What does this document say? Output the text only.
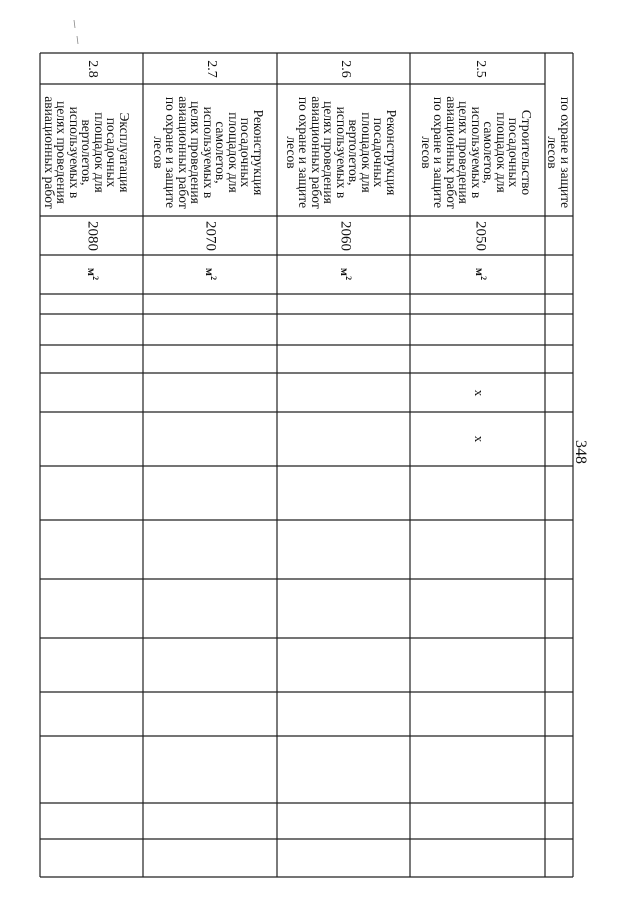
348
по охране и защите
лесов
2.5
Строительство
посадочных
площадок для
самолетов,
используемых в
целях проведения
авиационных работ
по охране и защите
лесов
2050
$м^2$
x
x
2.6
Реконструкция
посадочных
площадок для
вертолетов,
используемых в
целях проведения
авиационных работ
по охране и защите
лесов
2060
$м^2$
2.7
Реконструкция
посадочных
площадок для
самолетов,
используемых в
целях проведения
авиационных работ
по охране и защите
лесов
2070
$м^2$
2.8
Эксплуатация
посадочных
площадок для
вертолетов,
используемых в
целях проведения
авиационных работ
2080
$м^2$
